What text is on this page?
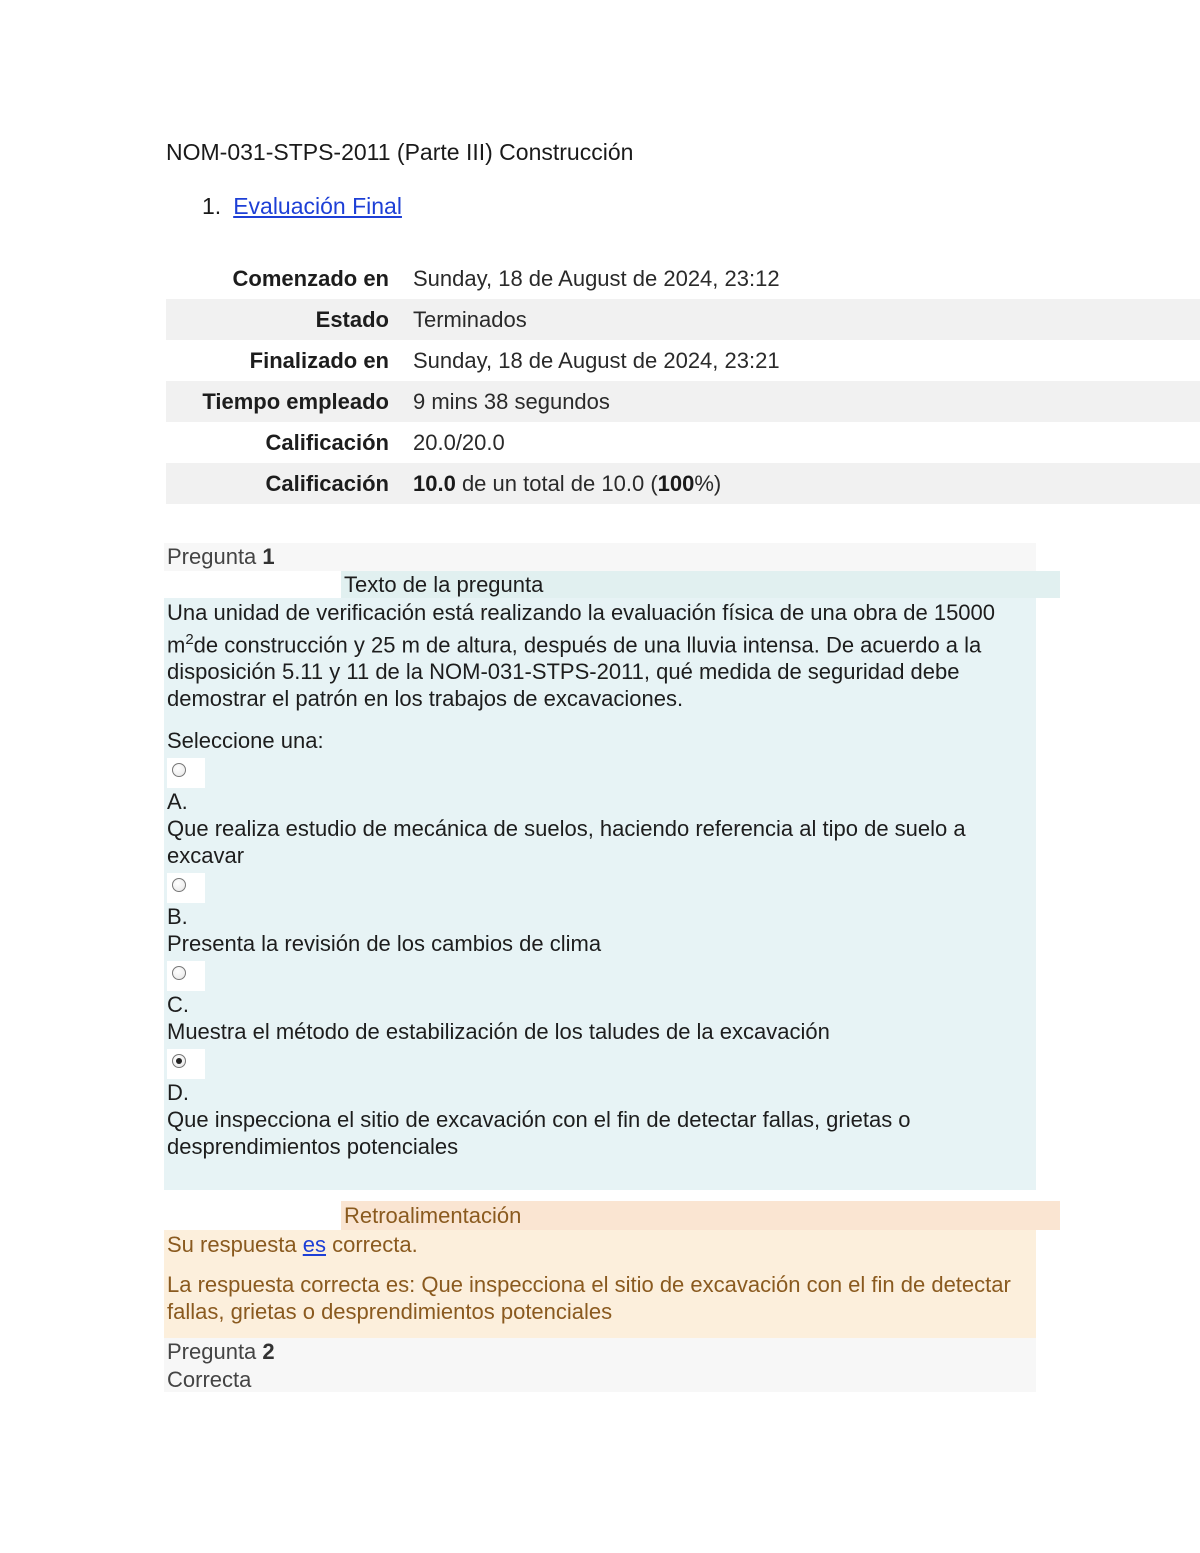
NOM-031-STPS-2011 (Parte III) Construcción
1. Evaluación Final
Comenzado en	Sunday, 18 de August de 2024, 23:12
Estado	Terminados
Finalizado en	Sunday, 18 de August de 2024, 23:21
Tiempo empleado	9 mins 38 segundos
Calificación	20.0/20.0
Calificación	10.0 de un total de 10.0 (100%)
Pregunta 1
Texto de la pregunta

Una unidad de verificación está realizando la evaluación física de una obra de 15000 $m^2de$ construcción y 25 m de altura, después de una lluvia intensa. De acuerdo a la disposición 5.11 y 11 de la NOM-031-STPS-2011, qué medida de seguridad debe demostrar el patrón en los trabajos de excavaciones.

Seleccione una:

A.

Que realiza estudio de mecánica de suelos, haciendo referencia al tipo de suelo a excavar

B.

Presenta la revisión de los cambios de clima

C.

Muestra el método de estabilización de los taludes de la excavación

D.

Que inspecciona el sitio de excavación con el fin de detectar fallas, grietas o desprendimientos potenciales

Retroalimentación

Su respuesta es correcta.

La respuesta correcta es: Que inspecciona el sitio de excavación con el fin de detectar fallas, grietas o desprendimientos potenciales

Pregunta 2
Correcta
